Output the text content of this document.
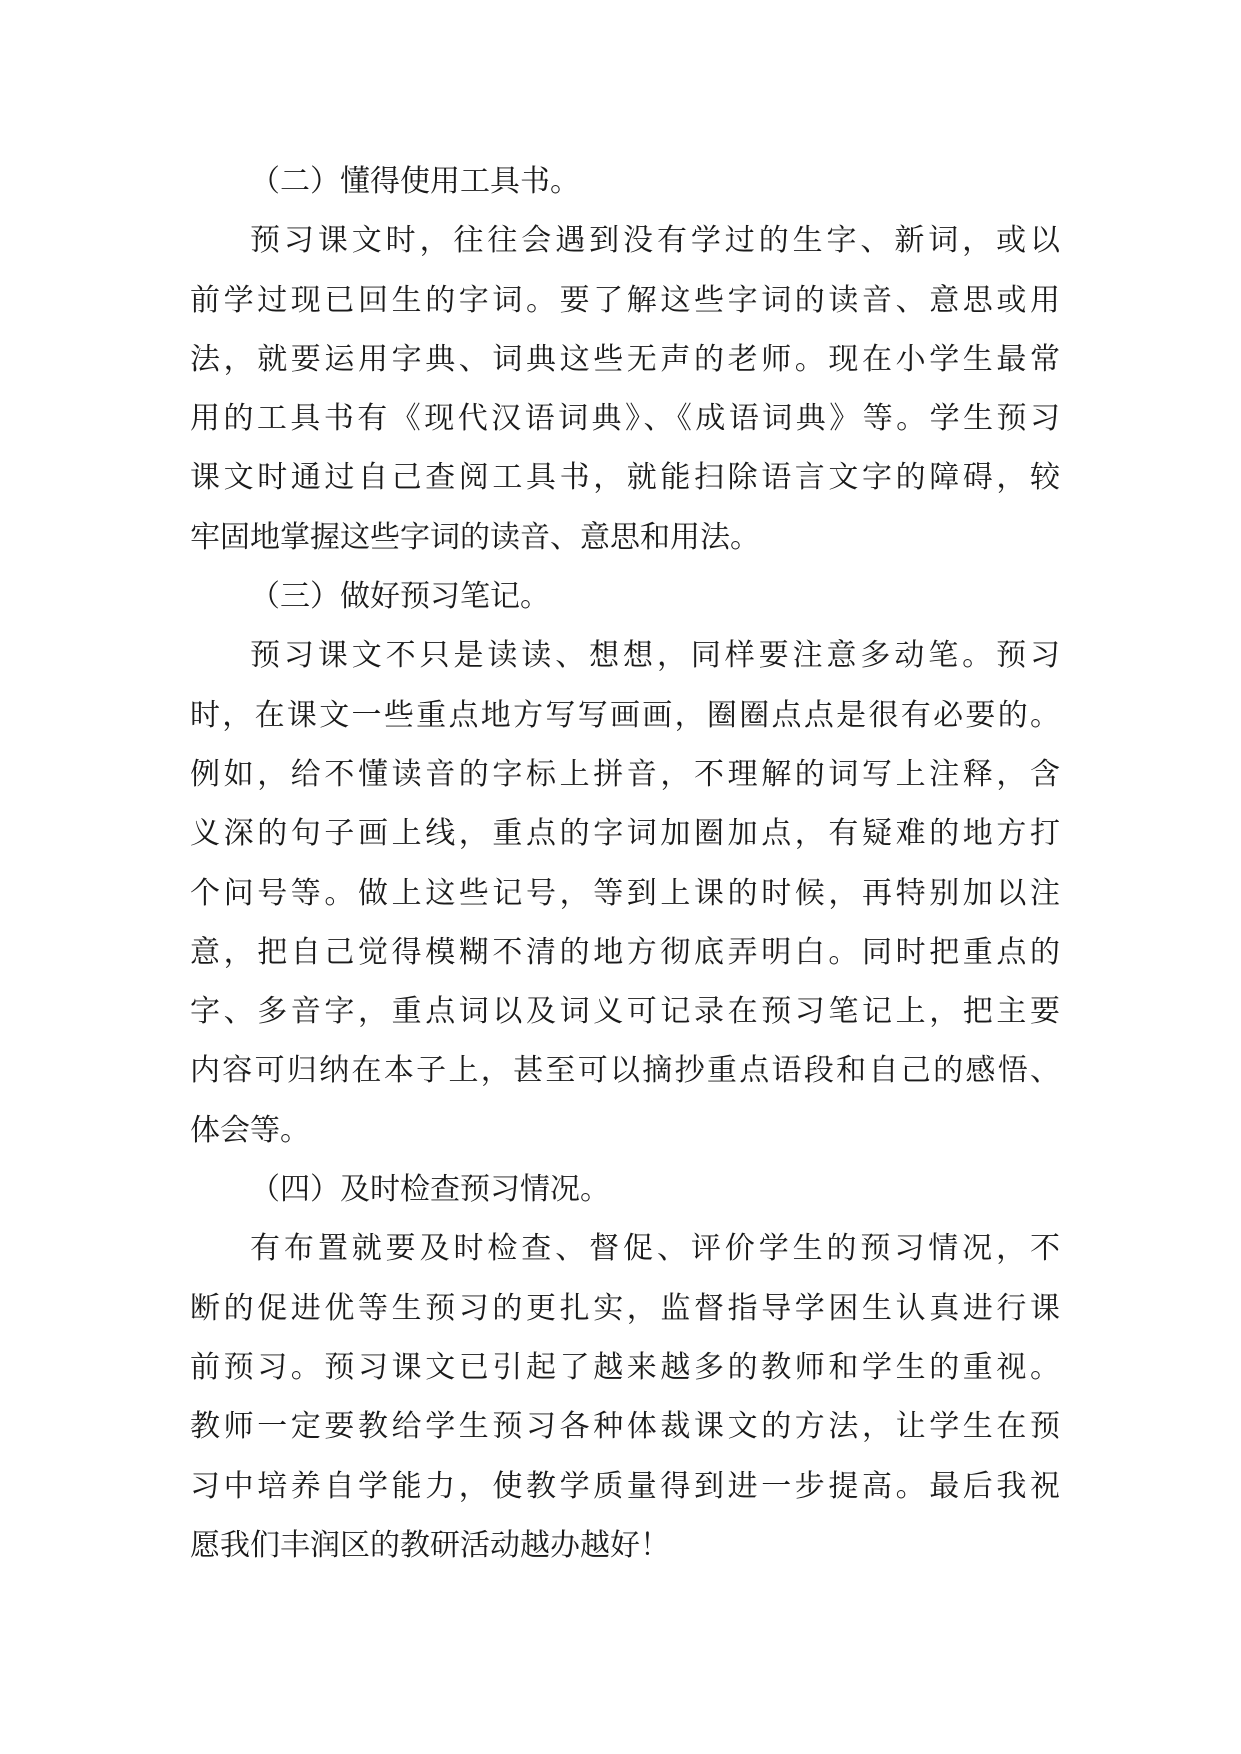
（二）懂得使用工具书。
预习课文时，往往会遇到没有学过的生字、新词，或以
前学过现已回生的字词。要了解这些字词的读音、意思或用
法，就要运用字典、词典这些无声的老师。现在小学生最常
用的工具书有《现代汉语词典》、《成语词典》等。学生预习
课文时通过自己查阅工具书，就能扫除语言文字的障碍，较
牢固地掌握这些字词的读音、意思和用法。
（三）做好预习笔记。
预习课文不只是读读、想想，同样要注意多动笔。预习
时，在课文一些重点地方写写画画，圈圈点点是很有必要的。
例如，给不懂读音的字标上拼音，不理解的词写上注释，含
义深的句子画上线，重点的字词加圈加点，有疑难的地方打
个问号等。做上这些记号，等到上课的时候，再特别加以注
意，把自己觉得模糊不清的地方彻底弄明白。同时把重点的
字、多音字，重点词以及词义可记录在预习笔记上，把主要
内容可归纳在本子上，甚至可以摘抄重点语段和自己的感悟、
体会等。
（四）及时检查预习情况。
有布置就要及时检查、督促、评价学生的预习情况，不
断的促进优等生预习的更扎实，监督指导学困生认真进行课
前预习。预习课文已引起了越来越多的教师和学生的重视。
教师一定要教给学生预习各种体裁课文的方法，让学生在预
习中培养自学能力，使教学质量得到进一步提高。最后我祝
愿我们丰润区的教研活动越办越好！
